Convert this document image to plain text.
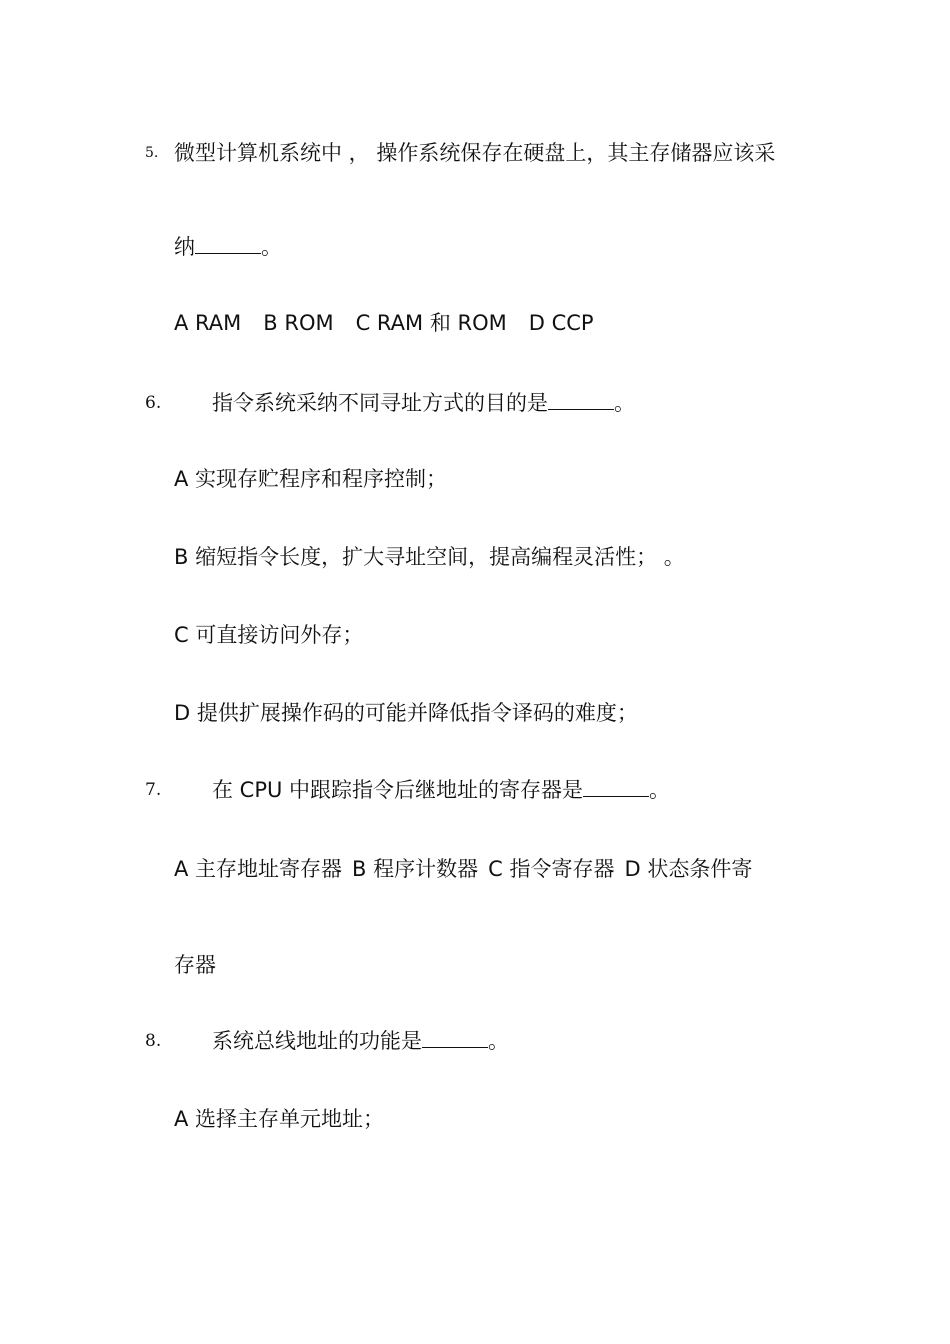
5. 微型计算机系统中 ， 操作系统保存在硬盘上，其主存储器应该采

纳	。

A RAM B ROM C RAM 和 ROM D CCP

6. 指令系统采纳不同寻址方式的目的是	。

A 实现存贮程序和程序控制；

B 缩短指令长度，扩大寻址空间，提高编程灵活性； 。

C 可直接访问外存；

D 提供扩展操作码的可能并降低指令译码的难度；

7. 在 CPU 中跟踪指令后继地址的寄存器是	。

A 主存地址寄存器 B 程序计数器 C 指令寄存器 D 状态条件寄

存器

8. 系统总线地址的功能是	。

A 选择主存单元地址；
